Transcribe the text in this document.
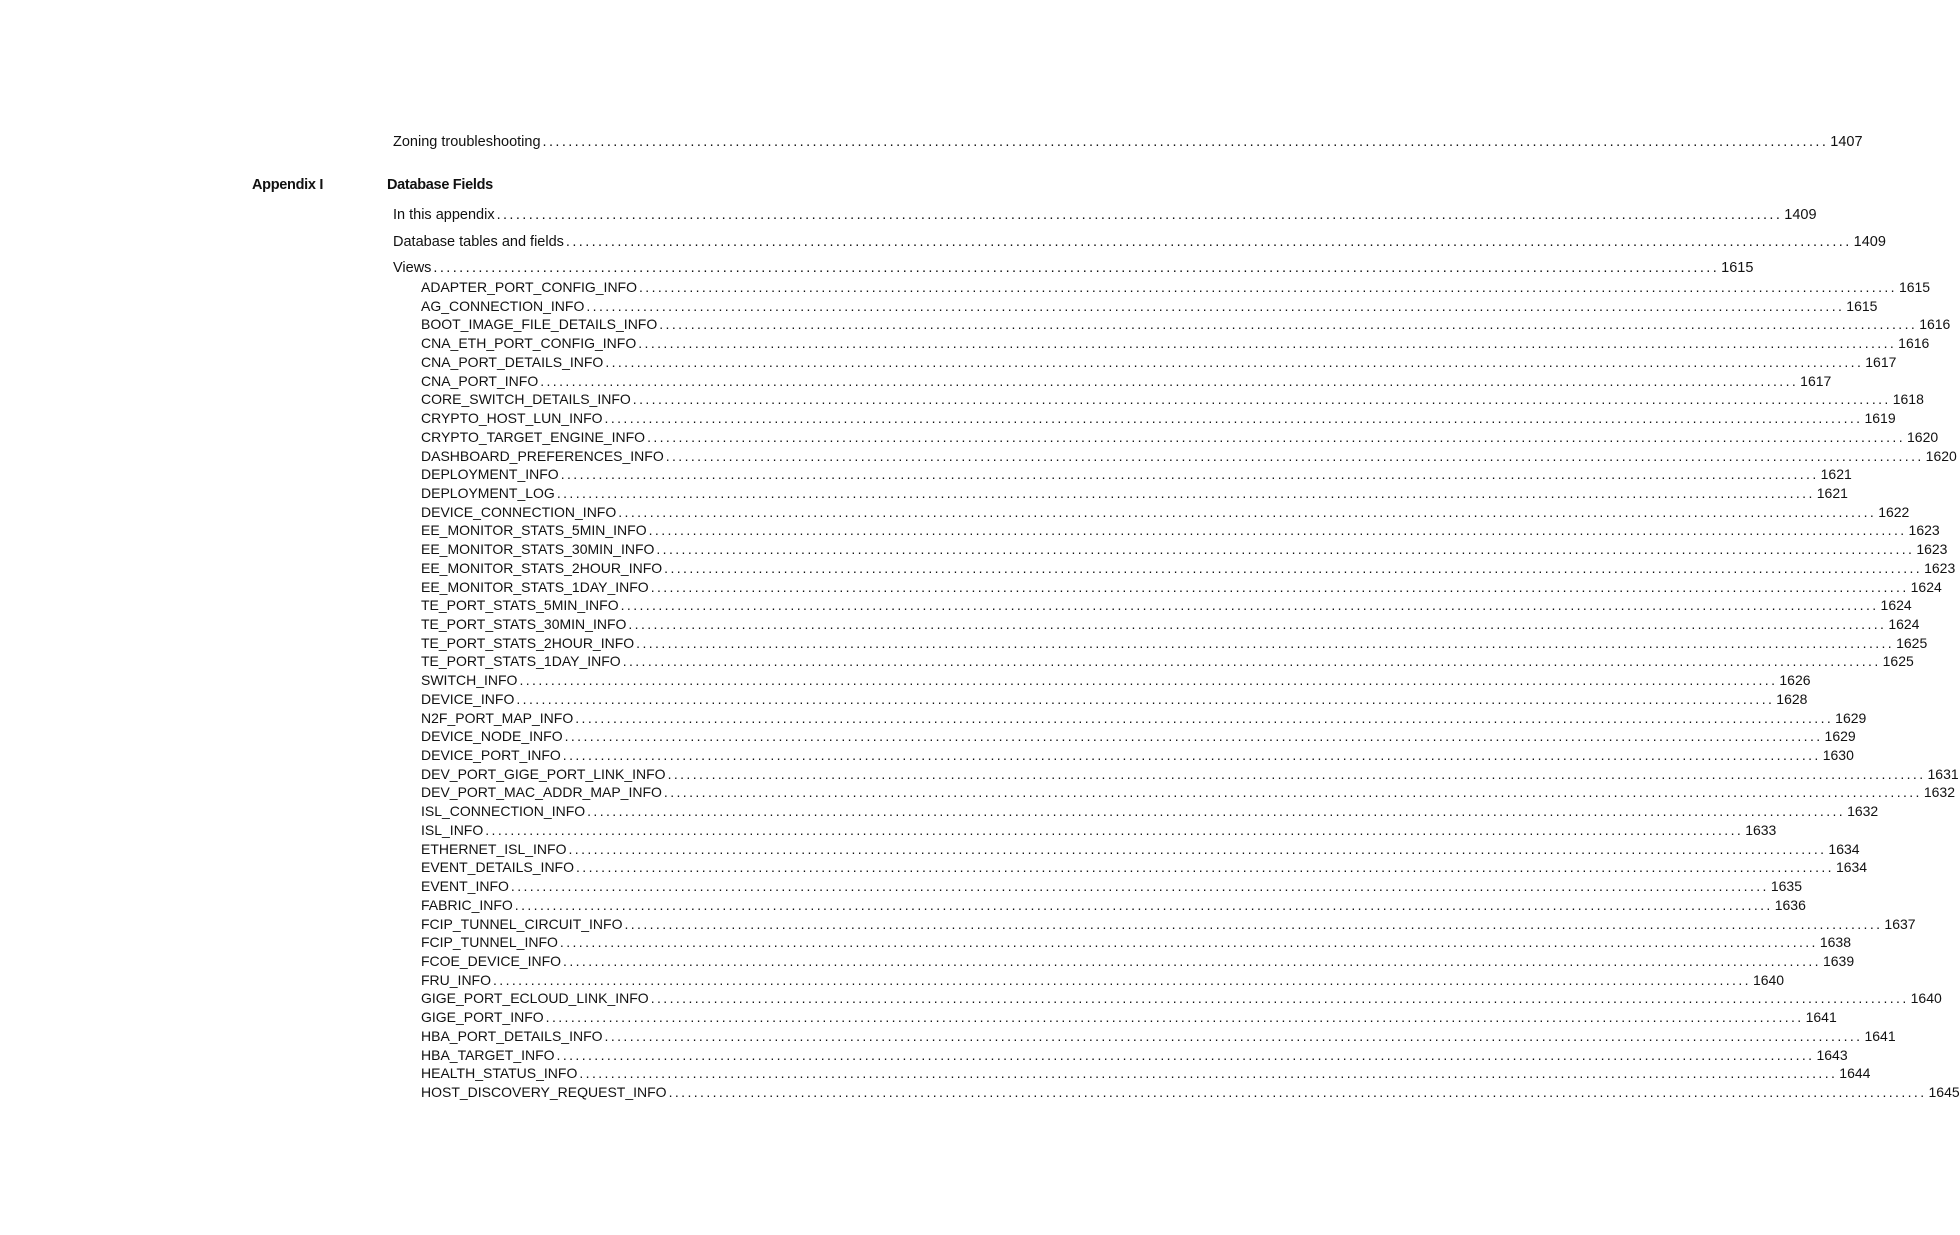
Zoning troubleshooting ........................................................................................................................................................................................................ 1407
Appendix I	Database Fields
In this appendix ........................................................................................................................................................................................................ 1409
Database tables and fields ........................................................................................................................................................................................................ 1409
Views ........................................................................................................................................................................................................ 1615
ADAPTER_PORT_CONFIG_INFO ........................................................................................................................................................................................................ 1615
AG_CONNECTION_INFO ........................................................................................................................................................................................................ 1615
BOOT_IMAGE_FILE_DETAILS_INFO ........................................................................................................................................................................................................ 1616
CNA_ETH_PORT_CONFIG_INFO ........................................................................................................................................................................................................ 1616
CNA_PORT_DETAILS_INFO ........................................................................................................................................................................................................ 1617
CNA_PORT_INFO ........................................................................................................................................................................................................ 1617
CORE_SWITCH_DETAILS_INFO ........................................................................................................................................................................................................ 1618
CRYPTO_HOST_LUN_INFO ........................................................................................................................................................................................................ 1619
CRYPTO_TARGET_ENGINE_INFO ........................................................................................................................................................................................................ 1620
DASHBOARD_PREFERENCES_INFO ........................................................................................................................................................................................................ 1620
DEPLOYMENT_INFO ........................................................................................................................................................................................................ 1621
DEPLOYMENT_LOG ........................................................................................................................................................................................................ 1621
DEVICE_CONNECTION_INFO ........................................................................................................................................................................................................ 1622
EE_MONITOR_STATS_5MIN_INFO ........................................................................................................................................................................................................ 1623
EE_MONITOR_STATS_30MIN_INFO ........................................................................................................................................................................................................ 1623
EE_MONITOR_STATS_2HOUR_INFO ........................................................................................................................................................................................................ 1623
EE_MONITOR_STATS_1DAY_INFO ........................................................................................................................................................................................................ 1624
TE_PORT_STATS_5MIN_INFO ........................................................................................................................................................................................................ 1624
TE_PORT_STATS_30MIN_INFO ........................................................................................................................................................................................................ 1624
TE_PORT_STATS_2HOUR_INFO ........................................................................................................................................................................................................ 1625
TE_PORT_STATS_1DAY_INFO ........................................................................................................................................................................................................ 1625
SWITCH_INFO ........................................................................................................................................................................................................ 1626
DEVICE_INFO ........................................................................................................................................................................................................ 1628
N2F_PORT_MAP_INFO ........................................................................................................................................................................................................ 1629
DEVICE_NODE_INFO ........................................................................................................................................................................................................ 1629
DEVICE_PORT_INFO ........................................................................................................................................................................................................ 1630
DEV_PORT_GIGE_PORT_LINK_INFO ........................................................................................................................................................................................................ 1631
DEV_PORT_MAC_ADDR_MAP_INFO ........................................................................................................................................................................................................ 1632
ISL_CONNECTION_INFO ........................................................................................................................................................................................................ 1632
ISL_INFO ........................................................................................................................................................................................................ 1633
ETHERNET_ISL_INFO ........................................................................................................................................................................................................ 1634
EVENT_DETAILS_INFO ........................................................................................................................................................................................................ 1634
EVENT_INFO ........................................................................................................................................................................................................ 1635
FABRIC_INFO ........................................................................................................................................................................................................ 1636
FCIP_TUNNEL_CIRCUIT_INFO ........................................................................................................................................................................................................ 1637
FCIP_TUNNEL_INFO ........................................................................................................................................................................................................ 1638
FCOE_DEVICE_INFO ........................................................................................................................................................................................................ 1639
FRU_INFO ........................................................................................................................................................................................................ 1640
GIGE_PORT_ECLOUD_LINK_INFO ........................................................................................................................................................................................................ 1640
GIGE_PORT_INFO ........................................................................................................................................................................................................ 1641
HBA_PORT_DETAILS_INFO ........................................................................................................................................................................................................ 1641
HBA_TARGET_INFO ........................................................................................................................................................................................................ 1643
HEALTH_STATUS_INFO ........................................................................................................................................................................................................ 1644
HOST_DISCOVERY_REQUEST_INFO ........................................................................................................................................................................................................ 1645
